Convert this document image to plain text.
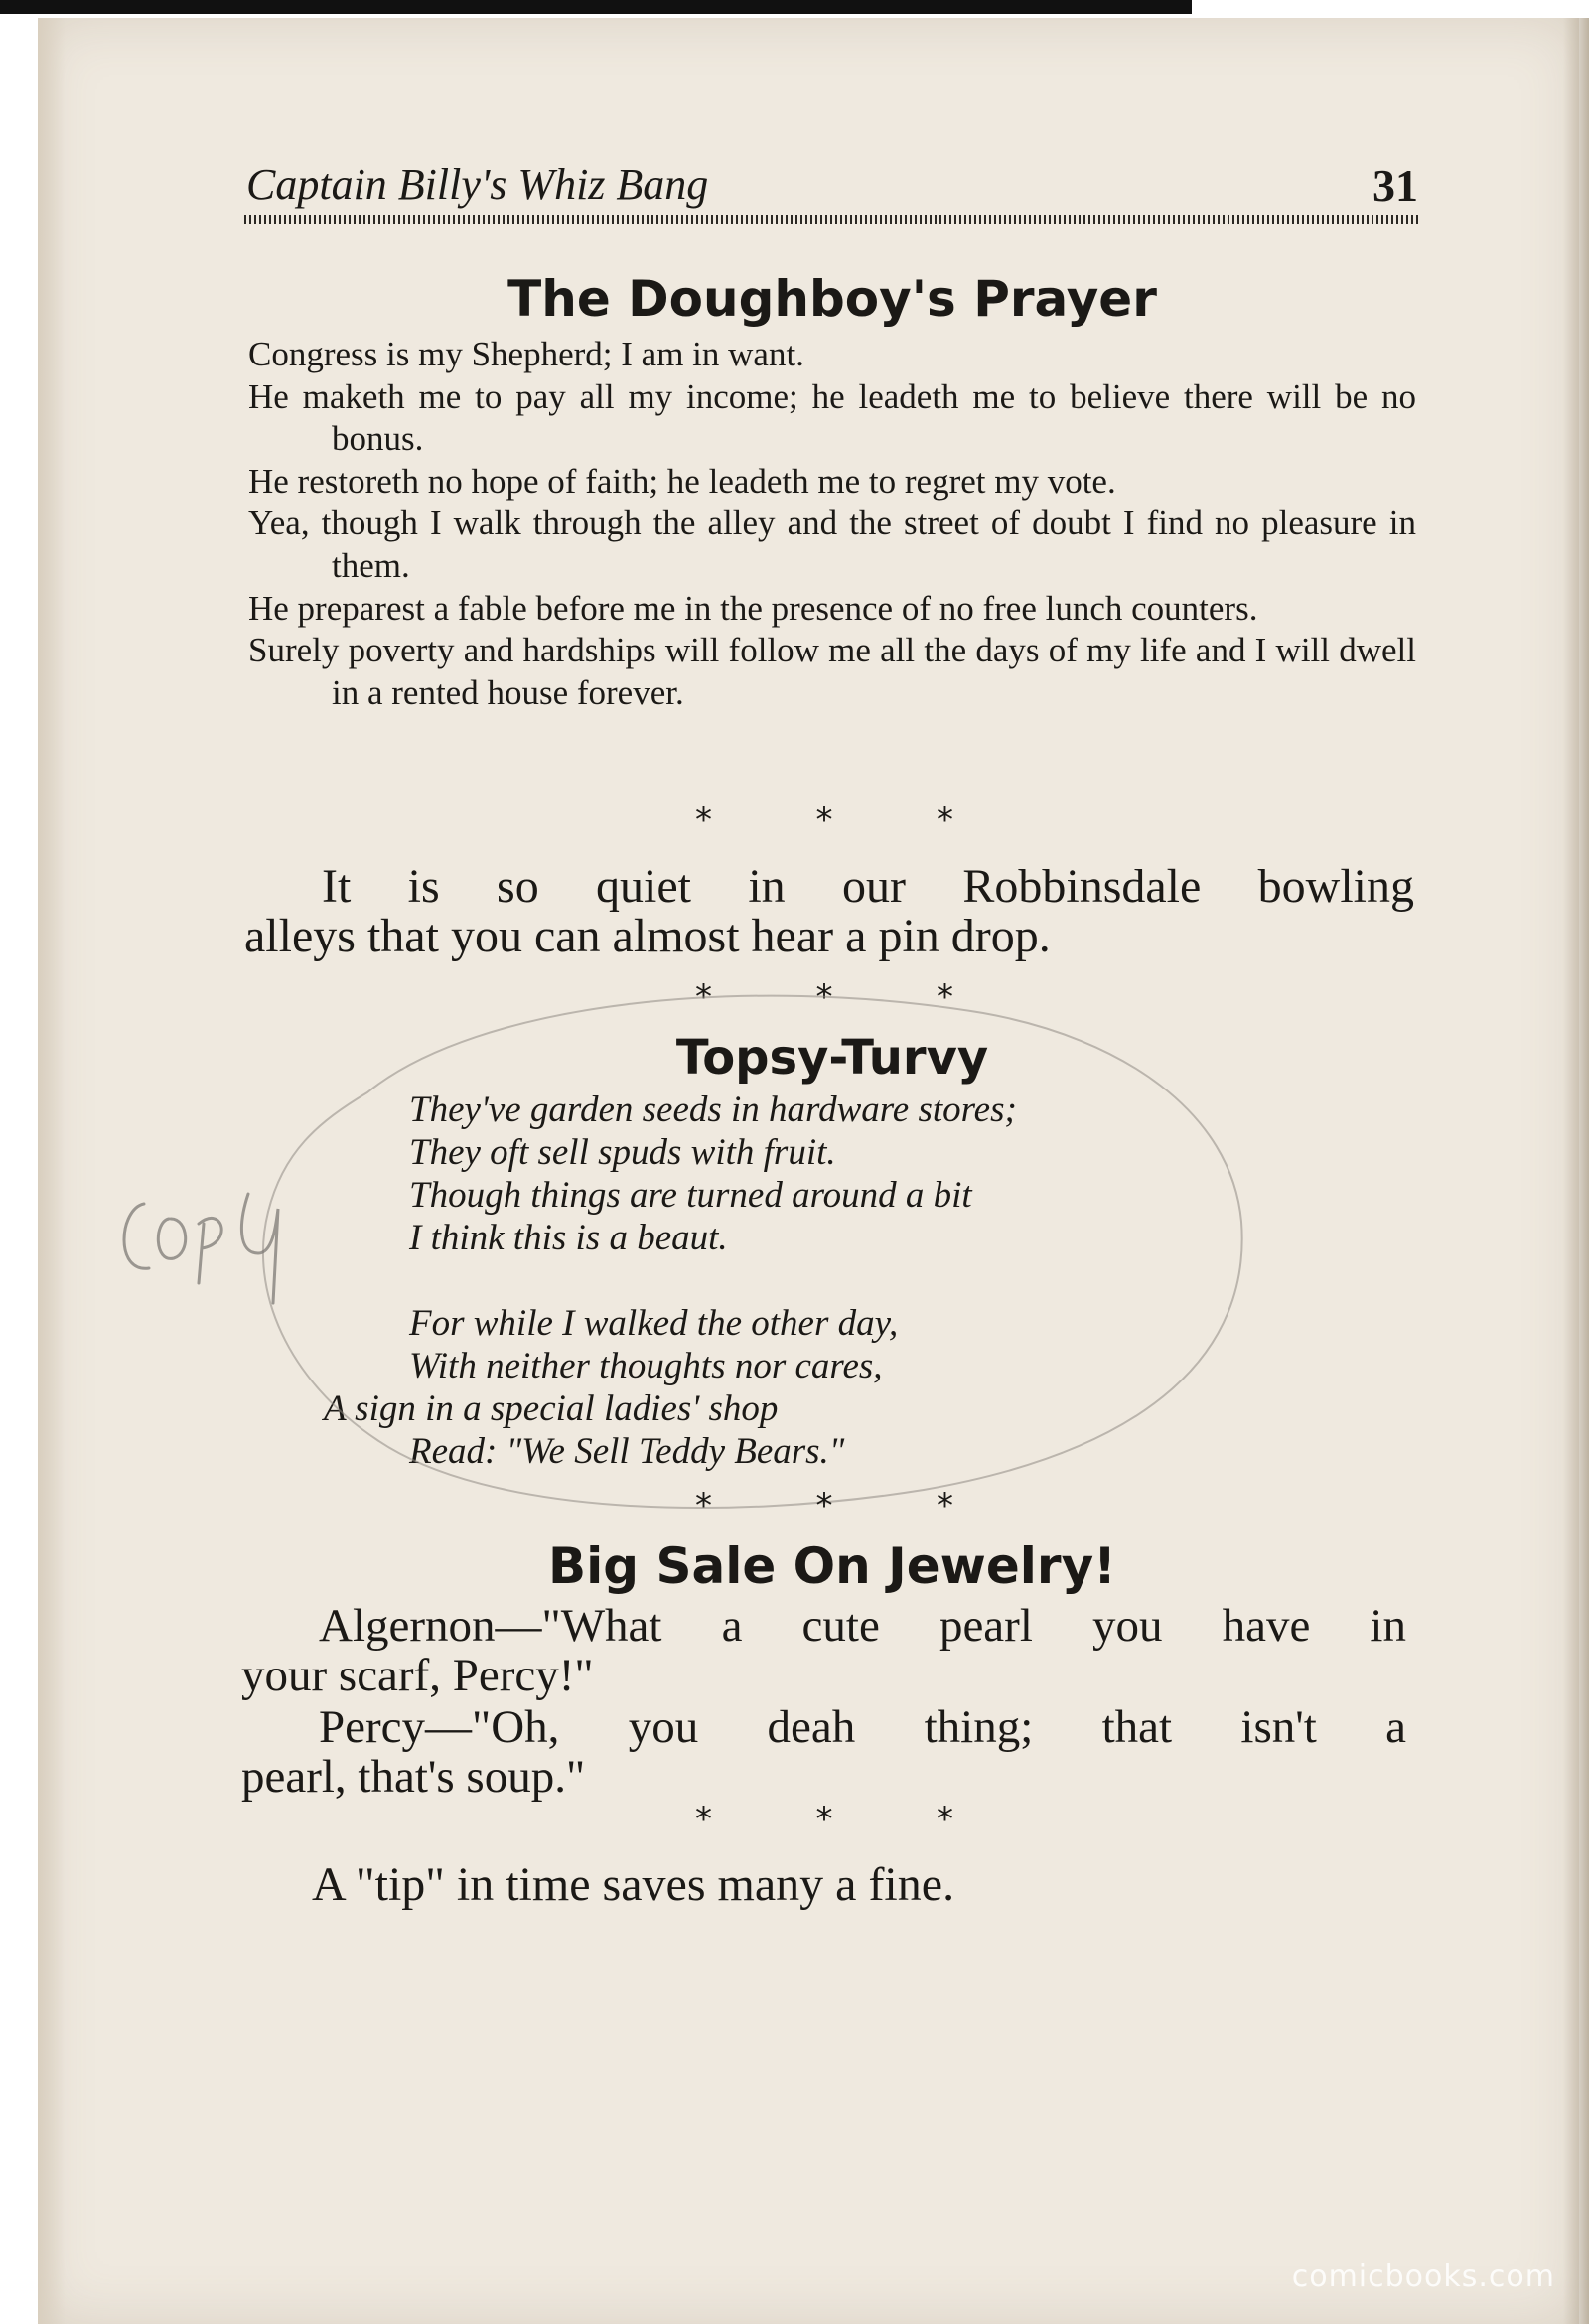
Captain Billy's Whiz Bang	31
The Doughboy's Prayer

Congress is my Shepherd; I am in want.

He maketh me to pay all my income; he leadeth me to believe there will be no bonus.

He restoreth no hope of faith; he leadeth me to regret my vote.

Yea, though I walk through the alley and the street of doubt I find no pleasure in them.

He preparest a fable before me in the presence of no free lunch counters.

Surely poverty and hardships will follow me all the days of my life and I will dwell in a rented house forever.

*	*	*
It is so quiet in our Robbinsdale bowling
alleys that you can almost hear a pin drop.
*	*	*
Topsy-Turvy
They've garden seeds in hardware stores;
They oft sell spuds with fruit.
Though things are turned around a bit
I think this is a beaut.
For while I walked the other day,
With neither thoughts nor cares,
A sign in a special ladies' shop
Read: "We Sell Teddy Bears."
*	*	*
Big Sale On Jewelry!

Algernon—"What a cute pearl you have in

your scarf, Percy!"

Percy—"Oh, you deah thing; that isn't a

pearl, that's soup."

*	*	*
A "tip" in time saves many a fine.
comicbooks.com
